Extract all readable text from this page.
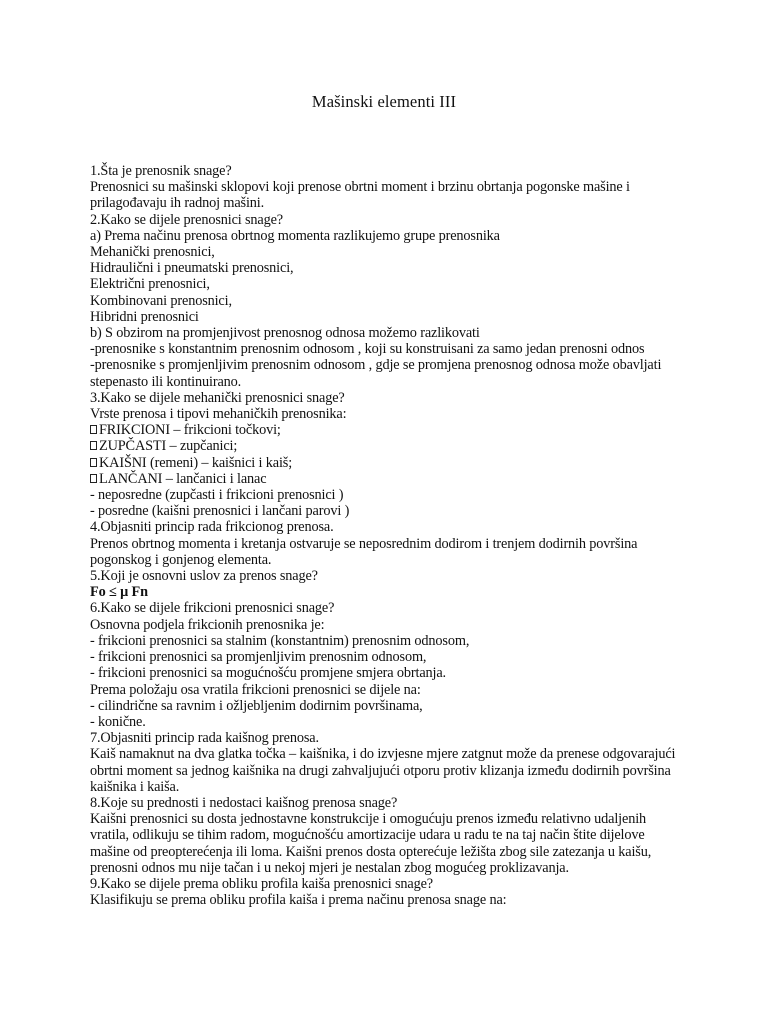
Mašinski elementi III
1.Šta je prenosnik snage?
Prenosnici su mašinski sklopovi koji prenose obrtni moment i brzinu obrtanja pogonske mašine i
prilagođavaju ih radnoj mašini.
2.Kako se dijele prenosnici snage?
a) Prema načinu prenosa obrtnog momenta razlikujemo grupe prenosnika
Mehanički prenosnici,
Hidraulični i pneumatski prenosnici,
Električni prenosnici,
Kombinovani prenosnici,
Hibridni prenosnici
b) S obzirom na promjenjivost prenosnog odnosa možemo razlikovati
-prenosnike s konstantnim prenosnim odnosom , koji su konstruisani za samo jedan prenosni odnos
-prenosnike s promjenljivim prenosnim odnosom , gdje se promjena prenosnog odnosa može obavljati
stepenasto ili kontinuirano.
3.Kako se dijele mehanički prenosnici snage?
Vrste prenosa i tipovi mehaničkih prenosnika:
FRIKCIONI – frikcioni točkovi;
ZUPČASTI – zupčanici;
KAIŠNI (remeni) – kaišnici i kaiš;
LANČANI – lančanici i lanac
- neposredne (zupčasti i frikcioni prenosnici )
- posredne (kaišni prenosnici i lančani parovi )
4.Objasniti princip rada frikcionog prenosa.
Prenos obrtnog momenta i kretanja ostvaruje se neposrednim dodirom i trenjem dodirnih površina
pogonskog i gonjenog elementa.
5.Koji je osnovni uslov za prenos snage?
Fo ≤ μ Fn
6.Kako se dijele frikcioni prenosnici snage?
Osnovna podjela frikcionih prenosnika je:
- frikcioni prenosnici sa stalnim (konstantnim) prenosnim odnosom,
- frikcioni prenosnici sa promjenljivim prenosnim odnosom,
- frikcioni prenosnici sa mogućnošću promjene smjera obrtanja.
Prema položaju osa vratila frikcioni prenosnici se dijele na:
- cilindrične sa ravnim i ožljebljenim dodirnim površinama,
- konične.
7.Objasniti princip rada kaišnog prenosa.
Kaiš namaknut na dva glatka točka – kaišnika, i do izvjesne mjere zatgnut može da prenese odgovarajući
obrtni moment sa jednog kaišnika na drugi zahvaljujući otporu protiv klizanja između dodirnih površina
kaišnika i kaiša.
8.Koje su prednosti i nedostaci kaišnog prenosa snage?
Kaišni prenosnici su dosta jednostavne konstrukcije i omogućuju prenos između relativno udaljenih
vratila, odlikuju se tihim radom, mogućnošću amortizacije udara u radu te na taj način štite dijelove
mašine od preopterećenja ili loma. Kaišni prenos dosta opterećuje ležišta zbog sile zatezanja u kaišu,
prenosni odnos mu nije tačan i u nekoj mjeri je nestalan zbog mogućeg proklizavanja.
9.Kako se dijele prema obliku profila kaiša prenosnici snage?
Klasifikuju se prema obliku profila kaiša i prema načinu prenosa snage na:
